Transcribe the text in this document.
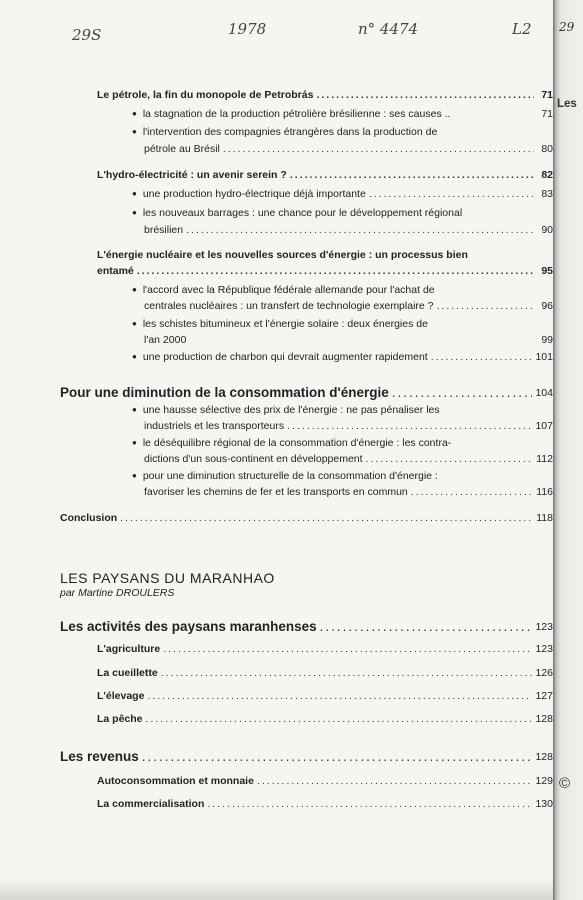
29S	1978	n° 4474	L2
Le pétrole, la fin du monopole de Petrobrás .....	71
● la stagnation de la production pétrolière brésilienne : ses causes ..	71
● l'intervention des compagnies étrangères dans la production de
pétrole au Brésil .....	80
L'hydro-électricité : un avenir serein ? .....	82
● une production hydro-électrique déjà importante .....	83
● les nouveaux barrages : une chance pour le développement régional
brésilien .....	90
L'énergie nucléaire et les nouvelles sources d'énergie : un processus bien
entamé .....	95
● l'accord avec la République fédérale allemande pour l'achat de
centrales nucléaires : un transfert de technologie exemplaire ? .....	96
● les schistes bitumineux et l'énergie solaire : deux énergies de
l'an 2000	99
● une production de charbon qui devrait augmenter rapidement .....	101
Pour une diminution de la consommation d'énergie .....	104
● une hausse sélective des prix de l'énergie : ne pas pénaliser les
industriels et les transporteurs .....	107
● le déséquilibre régional de la consommation d'énergie : les contra-
dictions d'un sous-continent en développement .....	112
● pour une diminution structurelle de la consommation d'énergie :
favoriser les chemins de fer et les transports en commun .....	116
Conclusion .....	118
LES PAYSANS DU MARANHAO
par Martine DROULERS
Les activités des paysans maranhenses .....	123
L'agriculture .....	123
La cueillette .....	126
L'élevage .....	127
La pêche .....	128
Les revenus .....	128
Autoconsommation et monnaie .....	129
La commercialisation .....	130
29
Les
©
